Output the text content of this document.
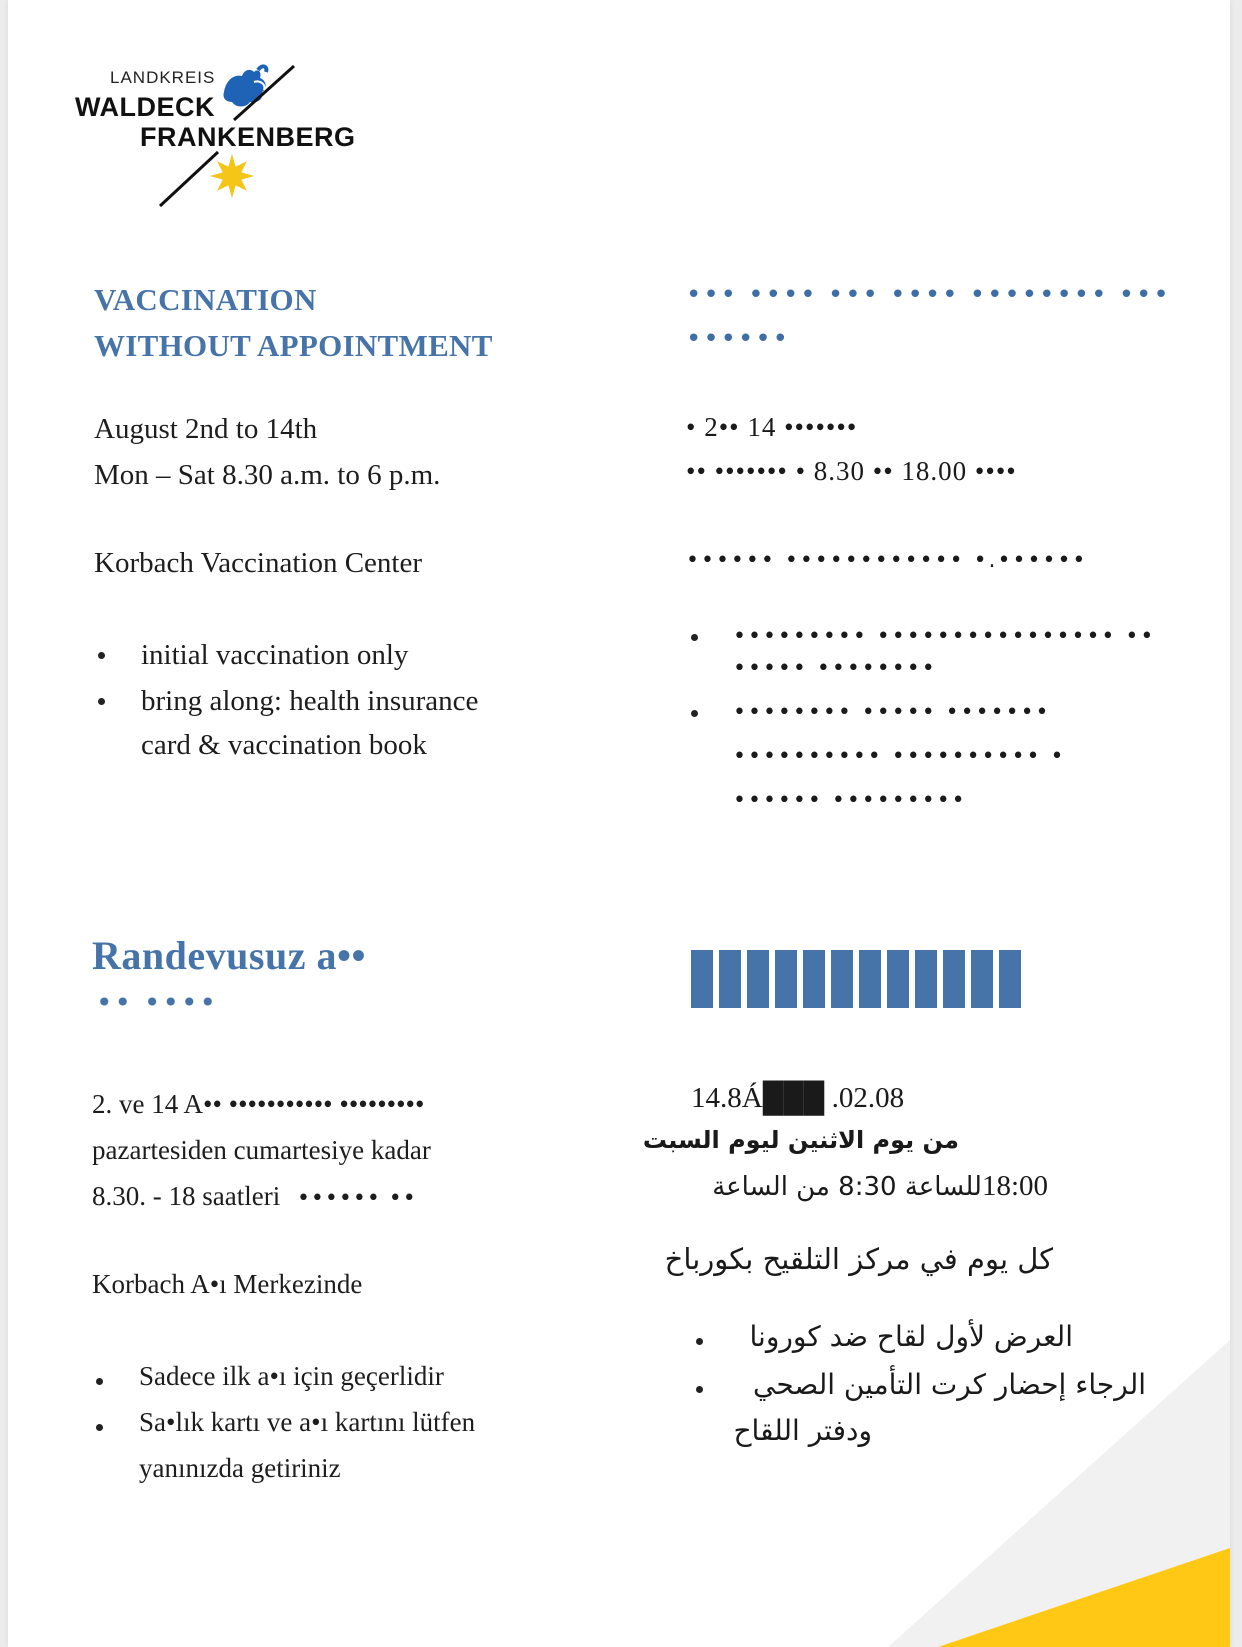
LANDKREIS
WALDECK
FRANKENBERG
VACCINATION
WITHOUT APPOINTMENT
August 2nd to 14th
Mon – Sat 8.30 a.m. to 6 p.m.
Korbach Vaccination Center
initial vaccination only
bring along: health insurance
card & vaccination book
••• •••• ••• •••• •••••••• •••
••••••
• 2•• 14 •••••••
•• ••••••• • 8.30 •• 18.00 ••••
•••••• •••••••••••• •.••••••
••••••••• •••••••••••••••• ••
••••• ••••••••
•••••••• ••••• •••••••
•••••••••• •••••••••• •
•••••• •••••••••
Randevusuz a••
•• ••••
2. ve 14 A•• ••••••••••• •••••••••
pazartesiden cumartesiye kadar
8.30. - 18 saatleri •••••• ••
Korbach A•ı Merkezinde
Sadece ilk a•ı için geçerlidir
Sa•lık kartı ve a•ı kartını lütfen
yanınızda getiriniz
14.8Á███ .02.08
من يوم الاثنين ليوم السبت
18:00للساعة 8:30 من الساعة
كل يوم في مركز التلقيح بكورباخ
العرض لأول لقاح ضد كورونا
الرجاء إحضار كرت التأمين الصحي
ودفتر اللقاح
